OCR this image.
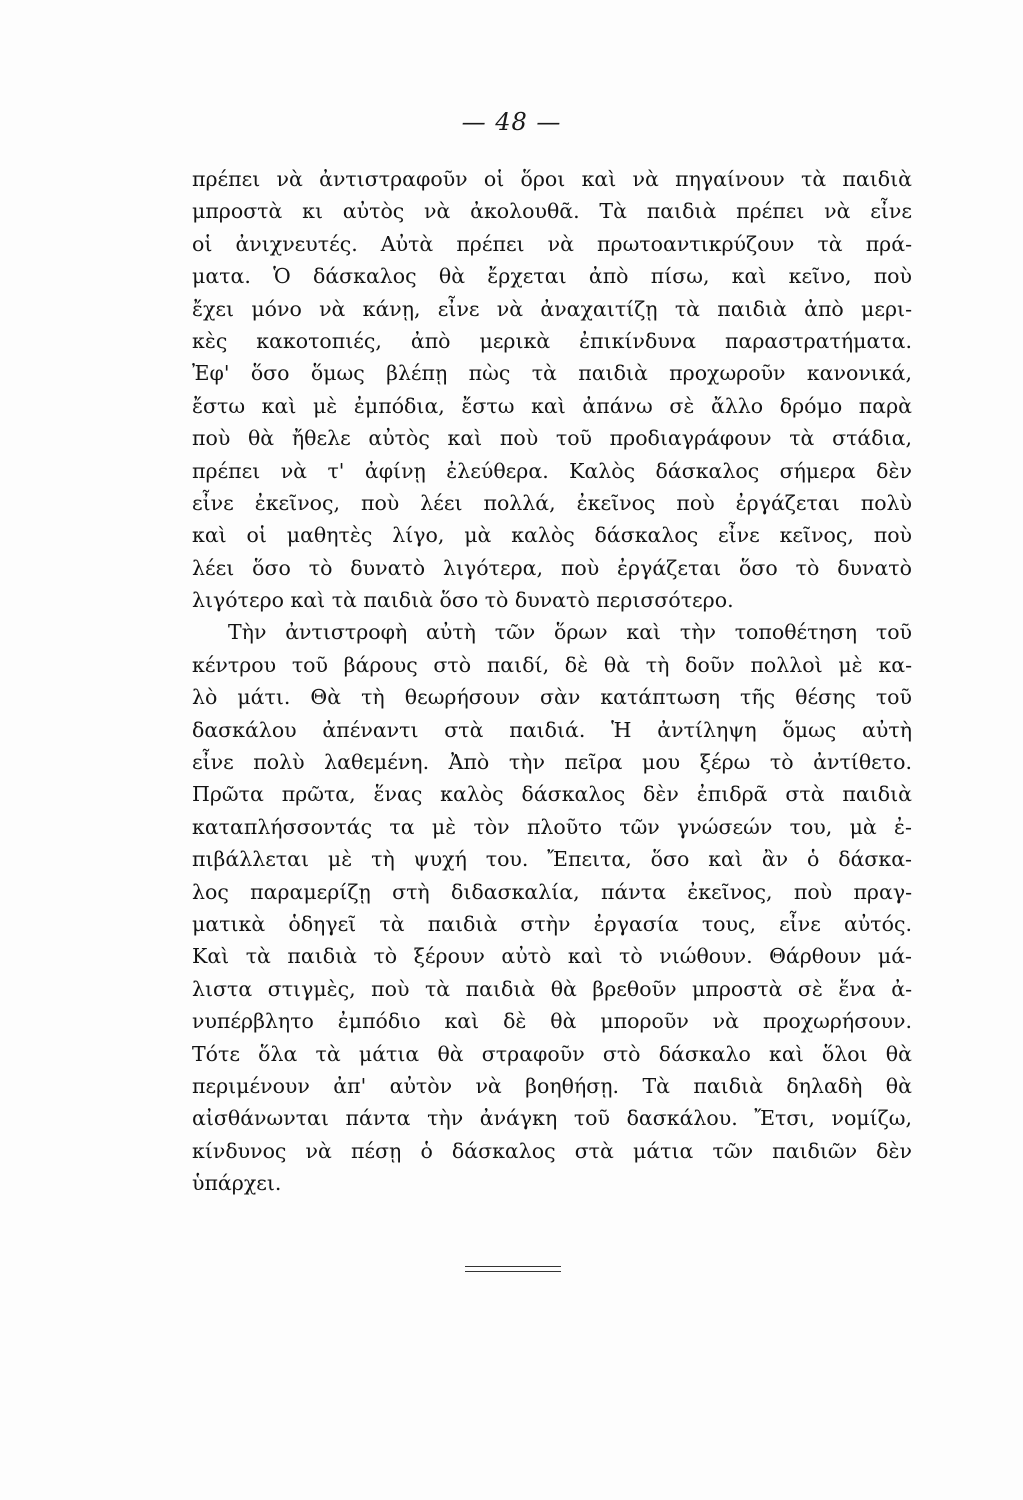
— 48 —
πρέπει νὰ ἀντιστραφοῦν οἱ ὅροι καὶ νὰ πηγαίνουν τὰ παιδιὰ
μπροστὰ κι αὐτὸς νὰ ἀκολουθᾶ. Τὰ παιδιὰ πρέπει νὰ εἶνε
οἱ ἀνιχνευτές. Αὐτὰ πρέπει νὰ πρωτοαντικρύζουν τὰ πρά-
ματα. Ὁ δάσκαλος θὰ ἔρχεται ἀπὸ πίσω, καὶ κεῖνο, ποὺ
ἔχει μόνο νὰ κάνῃ, εἶνε νὰ ἀναχαιτίζῃ τὰ παιδιὰ ἀπὸ μερι-
κὲς κακοτοπιές, ἀπὸ μερικὰ ἐπικίνδυνα παραστρατήματα.
Ἐφ' ὅσο ὅμως βλέπῃ πὼς τὰ παιδιὰ προχωροῦν κανονικά,
ἔστω καὶ μὲ ἐμπόδια, ἔστω καὶ ἀπάνω σὲ ἄλλο δρόμο παρὰ
ποὺ θὰ ἤθελε αὐτὸς καὶ ποὺ τοῦ προδιαγράφουν τὰ στάδια,
πρέπει νὰ τ' ἀφίνῃ ἐλεύθερα. Καλὸς δάσκαλος σήμερα δὲν
εἶνε ἐκεῖνος, ποὺ λέει πολλά, ἐκεῖνος ποὺ ἐργάζεται πολὺ
καὶ οἱ μαθητὲς λίγο, μὰ καλὸς δάσκαλος εἶνε κεῖνος, ποὺ
λέει ὅσο τὸ δυνατὸ λιγότερα, ποὺ ἐργάζεται ὅσο τὸ δυνατὸ
λιγότερο καὶ τὰ παιδιὰ ὅσο τὸ δυνατὸ περισσότερο.
Τὴν ἀντιστροφὴ αὐτὴ τῶν ὅρων καὶ τὴν τοποθέτηση τοῦ
κέντρου τοῦ βάρους στὸ παιδί, δὲ θὰ τὴ δοῦν πολλοὶ μὲ κα-
λὸ μάτι. Θὰ τὴ θεωρήσουν σὰν κατάπτωση τῆς θέσης τοῦ
δασκάλου ἀπέναντι στὰ παιδιά. Ἡ ἀντίληψη ὅμως αὐτὴ
εἶνε πολὺ λαθεμένη. Ἀπὸ τὴν πεῖρα μου ξέρω τὸ ἀντίθετο.
Πρῶτα πρῶτα, ἕνας καλὸς δάσκαλος δὲν ἐπιδρᾶ στὰ παιδιὰ
καταπλήσσοντάς τα μὲ τὸν πλοῦτο τῶν γνώσεών του, μὰ ἐ-
πιβάλλεται μὲ τὴ ψυχή του. Ἔπειτα, ὅσο καὶ ἂν ὁ δάσκα-
λος παραμερίζῃ στὴ διδασκαλία, πάντα ἐκεῖνος, ποὺ πραγ-
ματικὰ ὁδηγεῖ τὰ παιδιὰ στὴν ἐργασία τους, εἶνε αὐτός.
Καὶ τὰ παιδιὰ τὸ ξέρουν αὐτὸ καὶ τὸ νιώθουν. Θάρθουν μά-
λιστα στιγμὲς, ποὺ τὰ παιδιὰ θὰ βρεθοῦν μπροστὰ σὲ ἕνα ἀ-
νυπέρβλητο ἐμπόδιο καὶ δὲ θὰ μποροῦν νὰ προχωρήσουν.
Τότε ὅλα τὰ μάτια θὰ στραφοῦν στὸ δάσκαλο καὶ ὅλοι θὰ
περιμένουν ἀπ' αὐτὸν νὰ βοηθήσῃ. Τὰ παιδιὰ δηλαδὴ θὰ
αἰσθάνωνται πάντα τὴν ἀνάγκη τοῦ δασκάλου. Ἔτσι, νομίζω,
κίνδυνος νὰ πέσῃ ὁ δάσκαλος στὰ μάτια τῶν παιδιῶν δὲν
ὑπάρχει.
